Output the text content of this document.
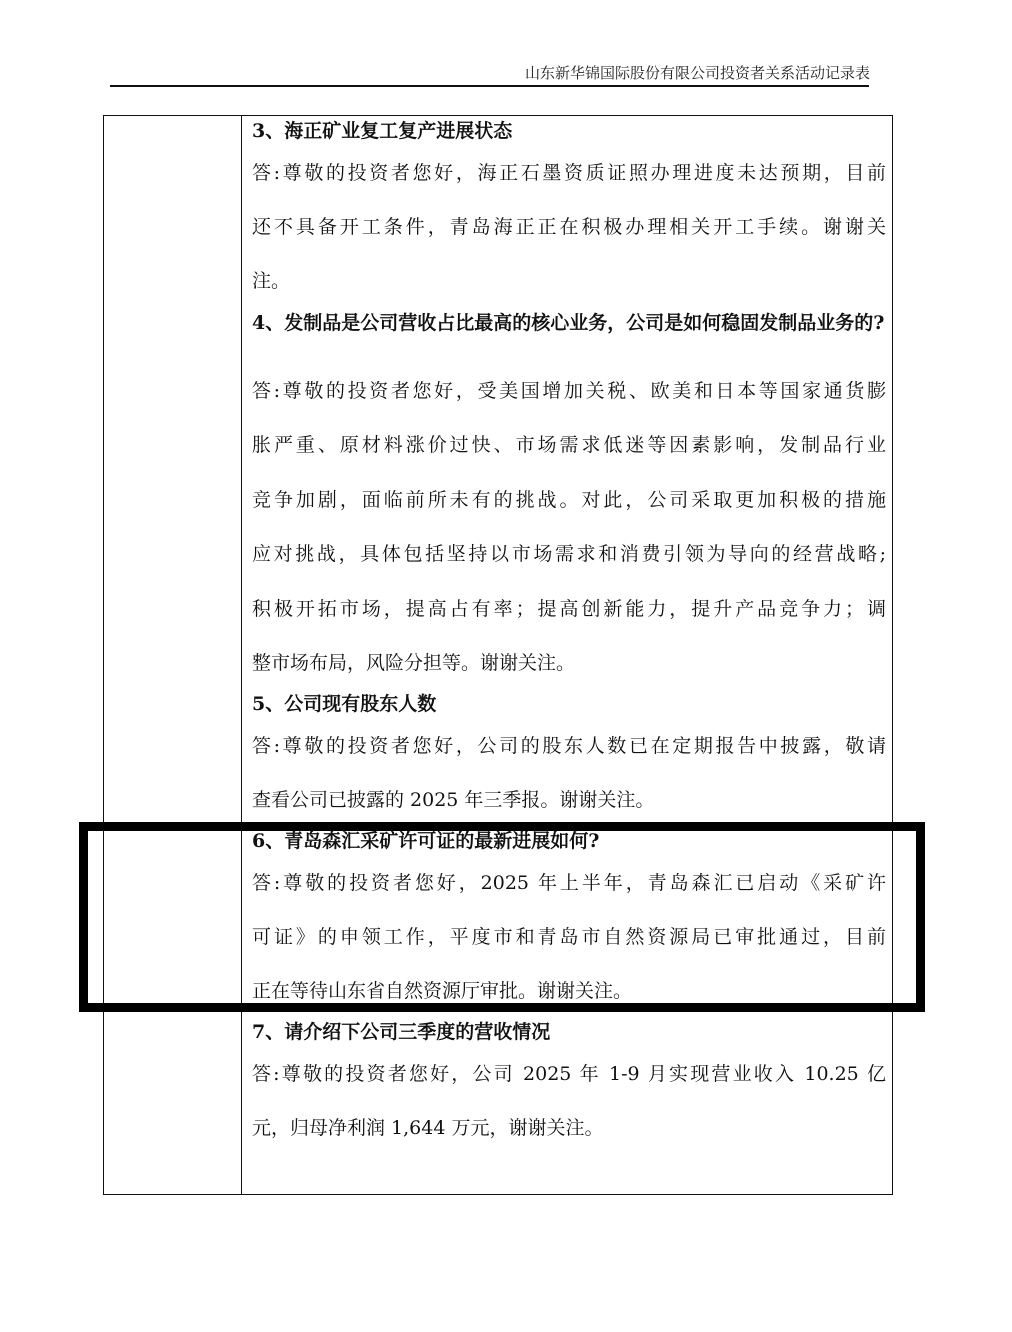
山东新华锦国际股份有限公司投资者关系活动记录表
3、海正矿业复工复产进展状态
答:尊敬的投资者您好，海正石墨资质证照办理进度未达预期，目前
还不具备开工条件，青岛海正正在积极办理相关开工手续。谢谢关
注。
4、发制品是公司营收占比最高的核心业务，公司是如何稳固发制品业务的?
答:尊敬的投资者您好，受美国增加关税、欧美和日本等国家通货膨
胀严重、原材料涨价过快、市场需求低迷等因素影响，发制品行业
竞争加剧，面临前所未有的挑战。对此，公司采取更加积极的措施
应对挑战，具体包括坚持以市场需求和消费引领为导向的经营战略;
积极开拓市场，提高占有率；提高创新能力，提升产品竞争力；调
整市场布局，风险分担等。谢谢关注。
5、公司现有股东人数
答:尊敬的投资者您好，公司的股东人数已在定期报告中披露，敬请
查看公司已披露的 2025 年三季报。谢谢关注。
6、青岛森汇采矿许可证的最新进展如何?
答:尊敬的投资者您好，2025 年上半年，青岛森汇已启动《采矿许
可证》的申领工作，平度市和青岛市自然资源局已审批通过，目前
正在等待山东省自然资源厅审批。谢谢关注。
7、请介绍下公司三季度的营收情况
答:尊敬的投资者您好，公司 2025 年 1-9 月实现营业收入 10.25 亿
元，归母净利润 1,644 万元，谢谢关注。
